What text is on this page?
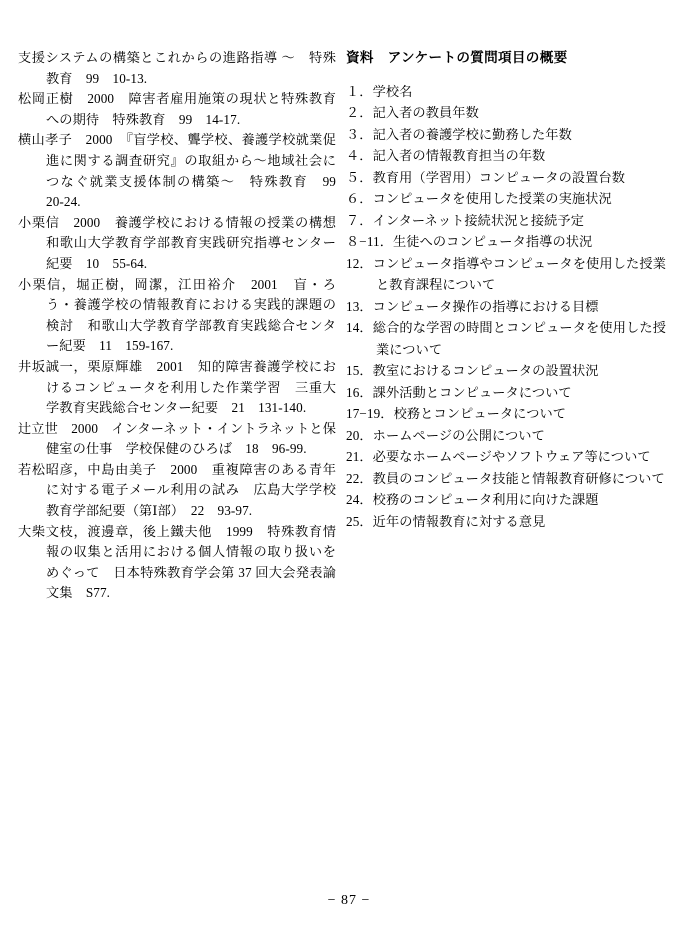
支援システムの構築とこれからの進路指導 〜　特殊教育　99　10-13.
松岡正樹　2000　障害者雇用施策の現状と特殊教育への期待　特殊教育　99　14-17.
横山孝子　2000　『盲学校、聾学校、養護学校就業促進に関する調査研究』の取組から〜地域社会につなぐ就業支援体制の構築〜　特殊教育　99　20-24.
小栗信　2000　養護学校における情報の授業の構想　和歌山大学教育学部教育実践研究指導センター紀要　10　55-64.
小栗信，堀正樹，岡潔，江田裕介　2001　盲・ろう・養護学校の情報教育における実践的課題の検討　和歌山大学教育学部教育実践総合センター紀要　11　159-167.
井坂誠一，栗原輝雄　2001　知的障害養護学校におけるコンピュータを利用した作業学習　三重大学教育実践総合センター紀要　21　131-140.
辻立世　2000　インターネット・イントラネットと保健室の仕事　学校保健のひろば　18　96-99.
若松昭彦，中島由美子　2000　重複障害のある青年に対する電子メール利用の試み　広島大学学校教育学部紀要（第Ⅰ部）　22　93-97.
大柴文枝，渡邊章，後上鐵夫他　1999　特殊教育情報の収集と活用における個人情報の取り扱いをめぐって　日本特殊教育学会第 37 回大会発表論文集　S77.
資料　アンケートの質問項目の概要
１．学校名
２．記入者の教員年数
３．記入者の養護学校に勤務した年数
４．記入者の情報教育担当の年数
５．教育用（学習用）コンピュータの設置台数
６．コンピュータを使用した授業の実施状況
７．インターネット接続状況と接続予定
８−11．生徒へのコンピュータ指導の状況
12．コンピュータ指導やコンピュータを使用した授業と教育課程について
13．コンピュータ操作の指導における目標
14．総合的な学習の時間とコンピュータを使用した授業について
15．教室におけるコンピュータの設置状況
16．課外活動とコンピュータについて
17−19．校務とコンピュータについて
20．ホームページの公開について
21．必要なホームページやソフトウェア等について
22．教員のコンピュータ技能と情報教育研修について
24．校務のコンピュータ利用に向けた課題
25．近年の情報教育に対する意見
− 87 −
